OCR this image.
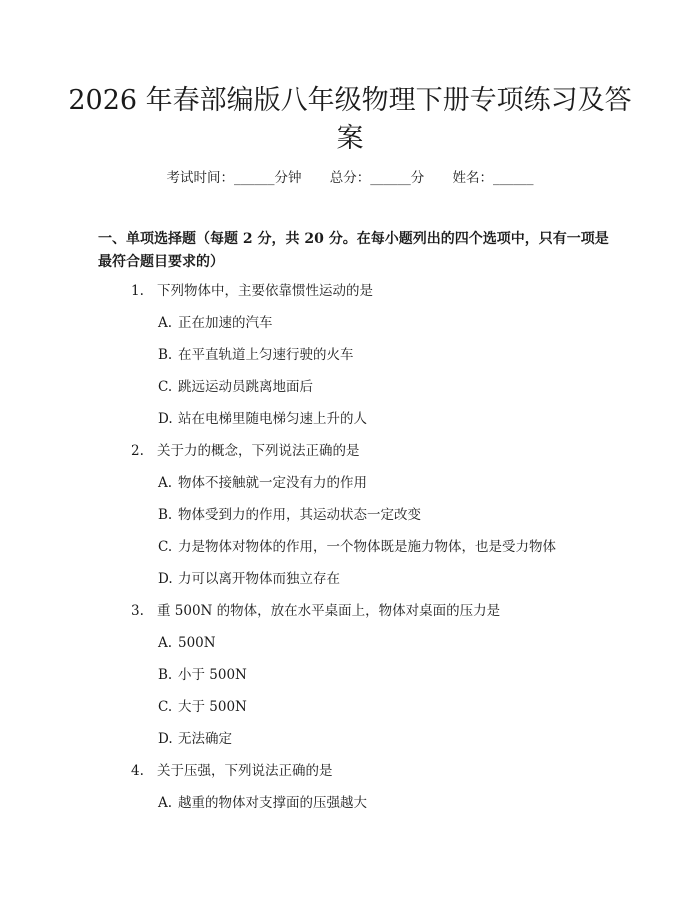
2026 年春部编版八年级物理下册专项练习及答案
考试时间：______分钟 总分：______分 姓名：______

一、单项选择题（每题 2 分，共 20 分。在每小题列出的四个选项中，只有一项是最符合题目要求的）

1. 下列物体中，主要依靠惯性运动的是
A. 正在加速的汽车
B. 在平直轨道上匀速行驶的火车
C. 跳远运动员跳离地面后
D. 站在电梯里随电梯匀速上升的人
2. 关于力的概念，下列说法正确的是
A. 物体不接触就一定没有力的作用
B. 物体受到力的作用，其运动状态一定改变
C. 力是物体对物体的作用，一个物体既是施力物体，也是受力物体
D. 力可以离开物体而独立存在
3. 重 500N 的物体，放在水平桌面上，物体对桌面的压力是
A. 500N
B. 小于 500N
C. 大于 500N
D. 无法确定
4. 关于压强，下列说法正确的是
A. 越重的物体对支撑面的压强越大
